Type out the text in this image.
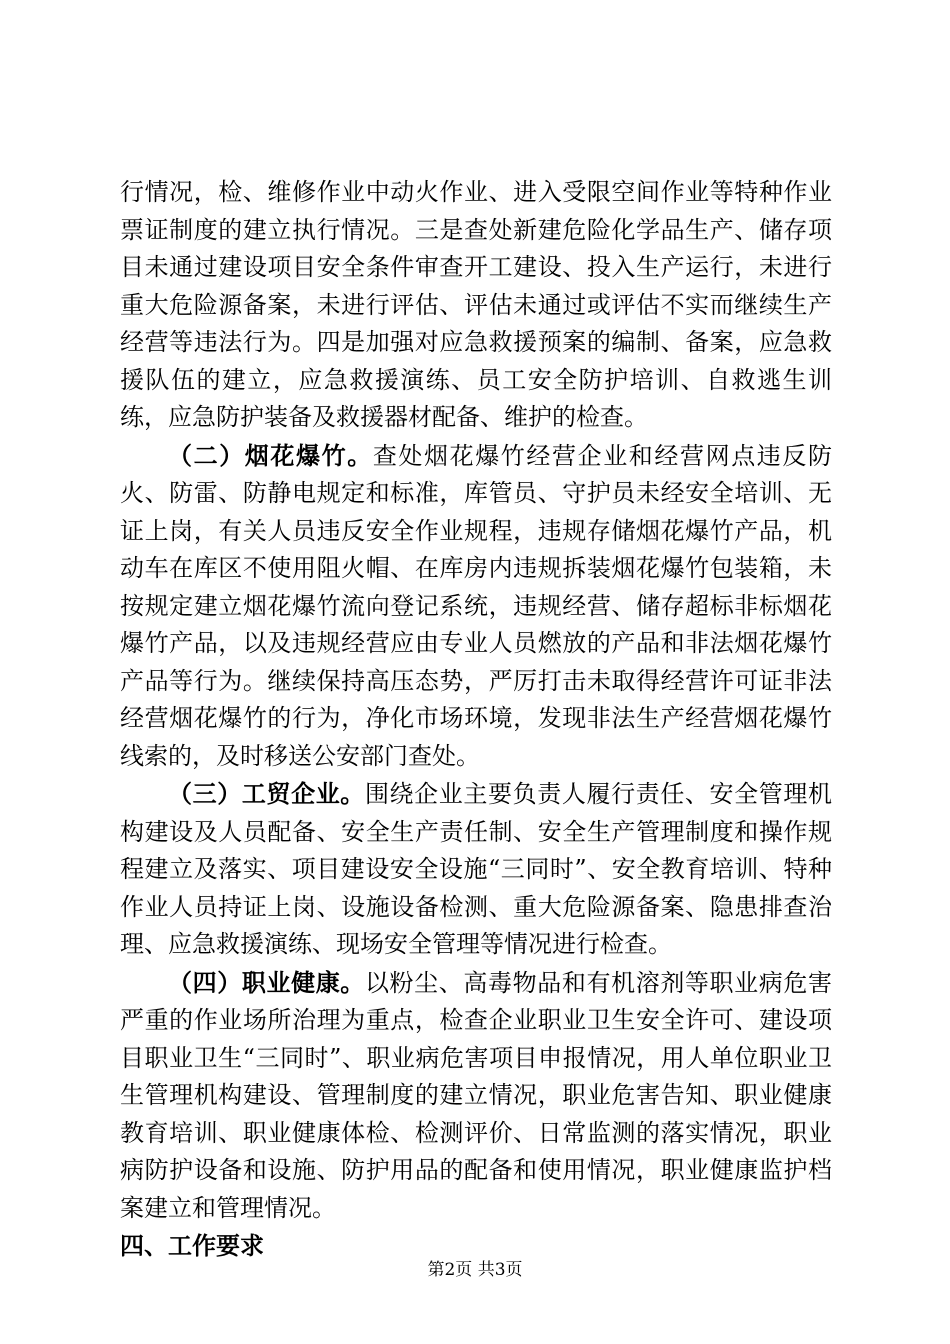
行情况，检、维修作业中动火作业、进入受限空间作业等特种作业票证制度的建立执行情况。三是查处新建危险化学品生产、储存项目未通过建设项目安全条件审查开工建设、投入生产运行，未进行重大危险源备案，未进行评估、评估未通过或评估不实而继续生产经营等违法行为。四是加强对应急救援预案的编制、备案，应急救援队伍的建立，应急救援演练、员工安全防护培训、自救逃生训练，应急防护装备及救援器材配备、维护的检查。

（二）烟花爆竹。查处烟花爆竹经营企业和经营网点违反防火、防雷、防静电规定和标准，库管员、守护员未经安全培训、无证上岗，有关人员违反安全作业规程，违规存储烟花爆竹产品，机动车在库区不使用阻火帽、在库房内违规拆装烟花爆竹包装箱，未按规定建立烟花爆竹流向登记系统，违规经营、储存超标非标烟花爆竹产品，以及违规经营应由专业人员燃放的产品和非法烟花爆竹产品等行为。继续保持高压态势，严厉打击未取得经营许可证非法经营烟花爆竹的行为，净化市场环境，发现非法生产经营烟花爆竹线索的，及时移送公安部门查处。

（三）工贸企业。围绕企业主要负责人履行责任、安全管理机构建设及人员配备、安全生产责任制、安全生产管理制度和操作规程建立及落实、项目建设安全设施“三同时”、安全教育培训、特种作业人员持证上岗、设施设备检测、重大危险源备案、隐患排查治理、应急救援演练、现场安全管理等情况进行检查。

（四）职业健康。以粉尘、高毒物品和有机溶剂等职业病危害严重的作业场所治理为重点，检查企业职业卫生安全许可、建设项目职业卫生“三同时”、职业病危害项目申报情况，用人单位职业卫生管理机构建设、管理制度的建立情况，职业危害告知、职业健康教育培训、职业健康体检、检测评价、日常监测的落实情况，职业病防护设备和设施、防护用品的配备和使用情况，职业健康监护档案建立和管理情况。

四、工作要求

第2页 共3页
